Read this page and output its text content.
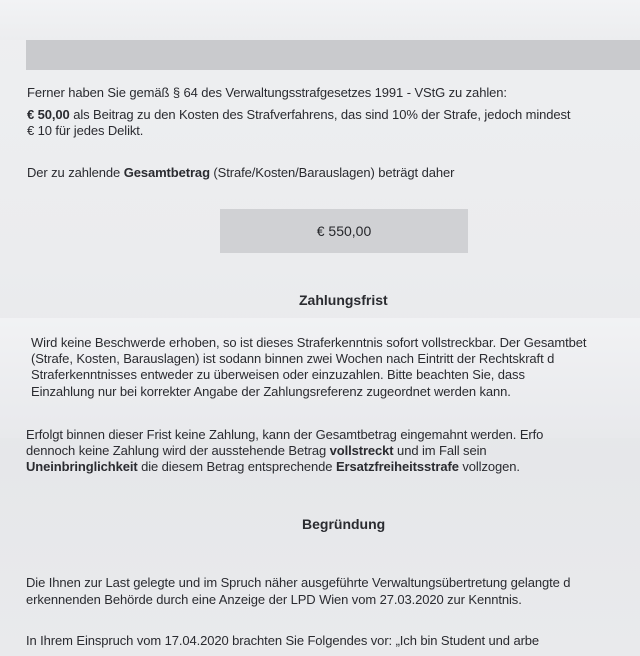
Ferner haben Sie gemäß § 64 des Verwaltungsstrafgesetzes 1991 - VStG zu zahlen:
€ 50,00 als Beitrag zu den Kosten des Strafverfahrens, das sind 10% der Strafe, jedoch mindest
€ 10 für jedes Delikt.
Der zu zahlende Gesamtbetrag (Strafe/Kosten/Barauslagen) beträgt daher
€ 550,00
Zahlungsfrist
Wird keine Beschwerde erhoben, so ist dieses Straferkenntnis sofort vollstreckbar. Der Gesamtbet
(Strafe, Kosten, Barauslagen) ist sodann binnen zwei Wochen nach Eintritt der Rechtskraft d
Straferkenntnisses entweder zu überweisen oder einzuzahlen. Bitte beachten Sie, dass
Einzahlung nur bei korrekter Angabe der Zahlungsreferenz zugeordnet werden kann.
Erfolgt binnen dieser Frist keine Zahlung, kann der Gesamtbetrag eingemahnt werden. Erfo
dennoch keine Zahlung wird der ausstehende Betrag vollstreckt und im Fall sein
Uneinbringlichkeit die diesem Betrag entsprechende Ersatzfreiheitsstrafe vollzogen.
Begründung
Die Ihnen zur Last gelegte und im Spruch näher ausgeführte Verwaltungsübertretung gelangte d
erkennenden Behörde durch eine Anzeige der LPD Wien vom 27.03.2020 zur Kenntnis.
In Ihrem Einspruch vom 17.04.2020 brachten Sie Folgendes vor: „Ich bin Student und arbe
